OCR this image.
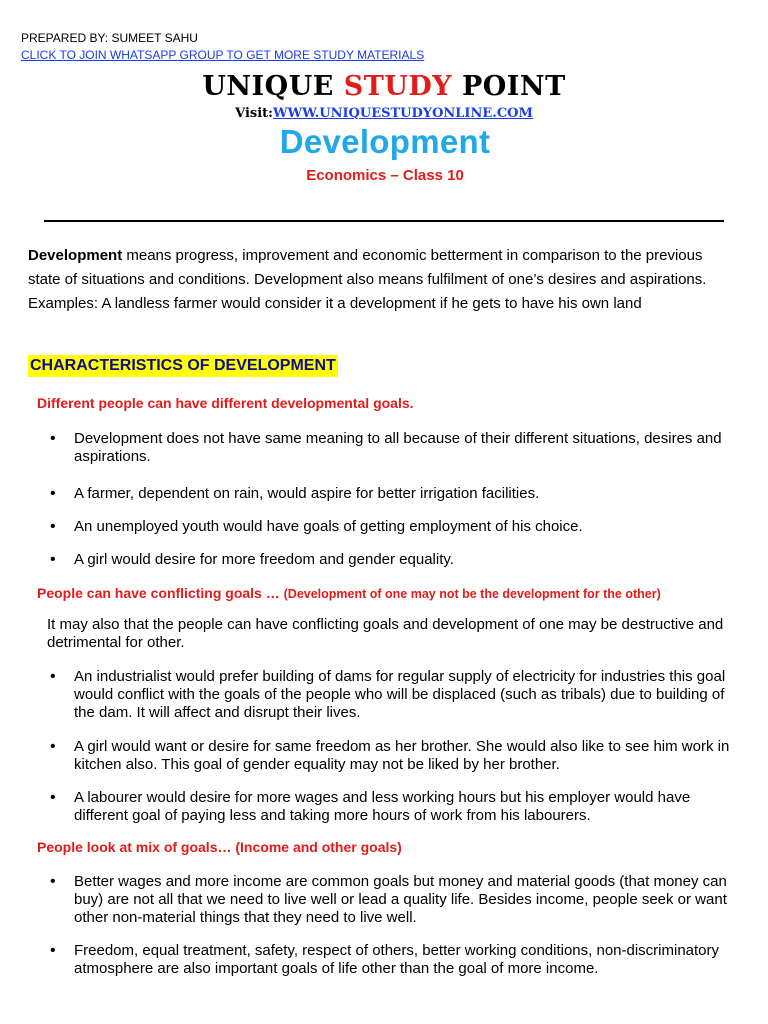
PREPARED BY: SUMEET SAHU
CLICK TO JOIN WHATSAPP GROUP TO GET MORE STUDY MATERIALS
UNIQUE STUDY POINT
Visit:WWW.UNIQUESTUDYONLINE.COM
Development
Economics – Class 10

Development means progress, improvement and economic betterment in comparison to the previous state of situations and conditions. Development also means fulfilment of one’s desires and aspirations.

Examples: A landless farmer would consider it a development if he gets to have his own land

CHARACTERISTICS OF DEVELOPMENT
Different people can have different developmental goals.
• Development does not have same meaning to all because of their different situations, desires and aspirations.
• A farmer, dependent on rain, would aspire for better irrigation facilities.
• An unemployed youth would have goals of getting employment of his choice.
• A girl would desire for more freedom and gender equality.
People can have conflicting goals … (Development of one may not be the development for the other)

It may also that the people can have conflicting goals and development of one may be destructive and detrimental for other.

• An industrialist would prefer building of dams for regular supply of electricity for industries this goal would conflict with the goals of the people who will be displaced (such as tribals) due to building of the dam. It will affect and disrupt their lives.
• A girl would want or desire for same freedom as her brother. She would also like to see him work in kitchen also. This goal of gender equality may not be liked by her brother.
• A labourer would desire for more wages and less working hours but his employer would have different goal of paying less and taking more hours of work from his labourers.
People look at mix of goals… (Income and other goals)
• Better wages and more income are common goals but money and material goods (that money can buy) are not all that we need to live well or lead a quality life. Besides income, people seek or want other non-material things that they need to live well.
• Freedom, equal treatment, safety, respect of others, better working conditions, non-discriminatory atmosphere are also important goals of life other than the goal of more income.
